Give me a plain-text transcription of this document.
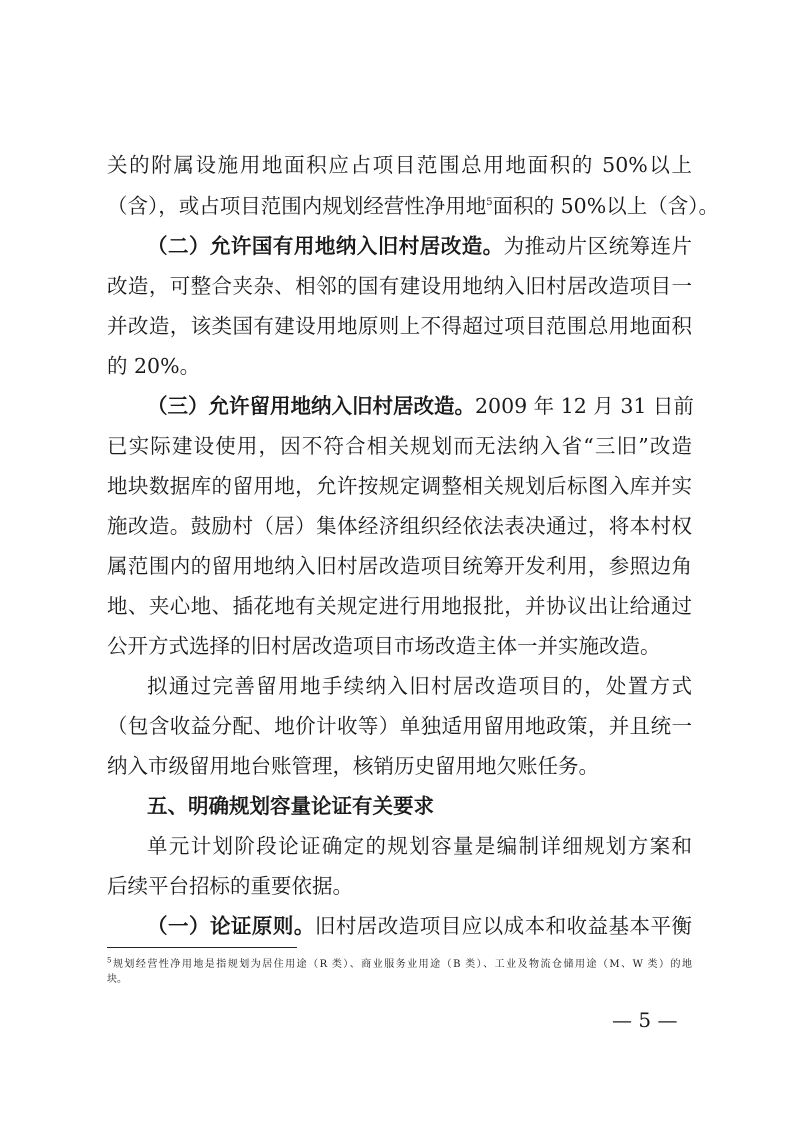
关的附属设施用地面积应占项目范围总用地面积的 50%以上
（含），或占项目范围内规划经营性净用地$^5$面积的 50%以上（含）。
（二）允许国有用地纳入旧村居改造。为推动片区统筹连片
改造，可整合夹杂、相邻的国有建设用地纳入旧村居改造项目一
并改造，该类国有建设用地原则上不得超过项目范围总用地面积
的 20%。
（三）允许留用地纳入旧村居改造。2009 年 12 月 31 日前
已实际建设使用，因不符合相关规划而无法纳入省“三旧”改造
地块数据库的留用地，允许按规定调整相关规划后标图入库并实
施改造。鼓励村（居）集体经济组织经依法表决通过，将本村权
属范围内的留用地纳入旧村居改造项目统筹开发利用，参照边角
地、夹心地、插花地有关规定进行用地报批，并协议出让给通过
公开方式选择的旧村居改造项目市场改造主体一并实施改造。
拟通过完善留用地手续纳入旧村居改造项目的，处置方式
（包含收益分配、地价计收等）单独适用留用地政策，并且统一
纳入市级留用地台账管理，核销历史留用地欠账任务。
五、明确规划容量论证有关要求
单元计划阶段论证确定的规划容量是编制详细规划方案和
后续平台招标的重要依据。
（一）论证原则。旧村居改造项目应以成本和收益基本平衡
$^5$规划经营性净用地是指规划为居住用途（R 类）、商业服务业用途（B 类）、工业及物流仓储用途（M、W 类）的地
块。
— 5 —
